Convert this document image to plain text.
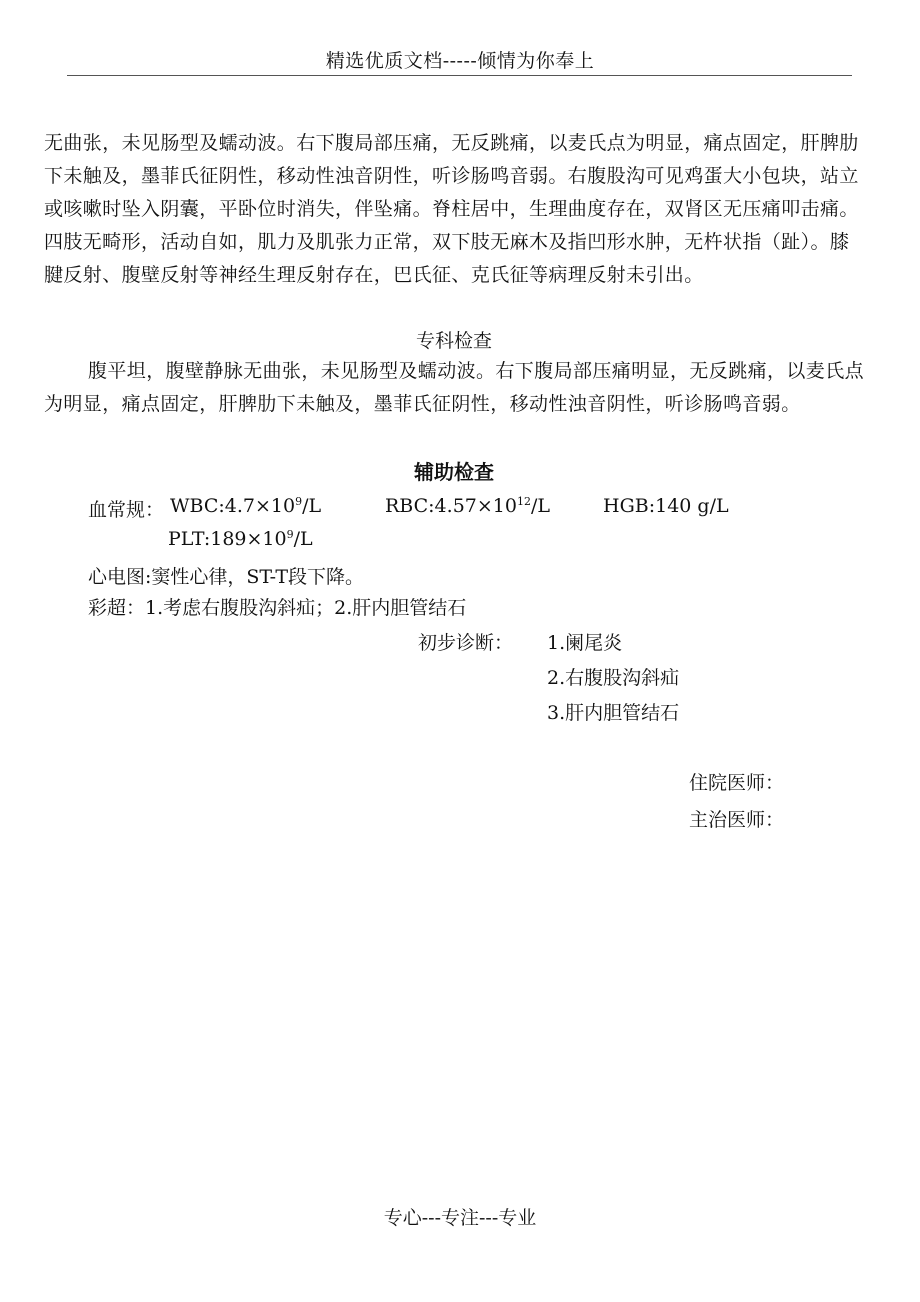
精选优质文档-----倾情为你奉上
无曲张，未见肠型及蠕动波。右下腹局部压痛，无反跳痛，以麦氏点为明显，痛点固定，肝脾肋下未触及，墨菲氏征阴性，移动性浊音阴性，听诊肠鸣音弱。右腹股沟可见鸡蛋大小包块，站立或咳嗽时坠入阴囊，平卧位时消失，伴坠痛。脊柱居中，生理曲度存在，双肾区无压痛叩击痛。四肢无畸形，活动自如，肌力及肌张力正常，双下肢无麻木及指凹形水肿，无杵状指（趾）。膝腱反射、腹壁反射等神经生理反射存在，巴氏征、克氏征等病理反射未引出。
专科检查
腹平坦，腹壁静脉无曲张，未见肠型及蠕动波。右下腹局部压痛明显，无反跳痛，以麦氏点为明显，痛点固定，肝脾肋下未触及，墨菲氏征阴性，移动性浊音阴性，听诊肠鸣音弱。
辅助检查
血常规： $WBC:4.7\times 10^9/L$	$RBC:4.57\times 10^{12}/L$	HGB:140 g/L
$PLT:189\times 10^9/L$
心电图:窦性心律，ST-T段下降。
彩超：1.考虑右腹股沟斜疝；2.肝内胆管结石
初步诊断： 1.阑尾炎
2.右腹股沟斜疝
3.肝内胆管结石
住院医师：
主治医师：
专心---专注---专业
